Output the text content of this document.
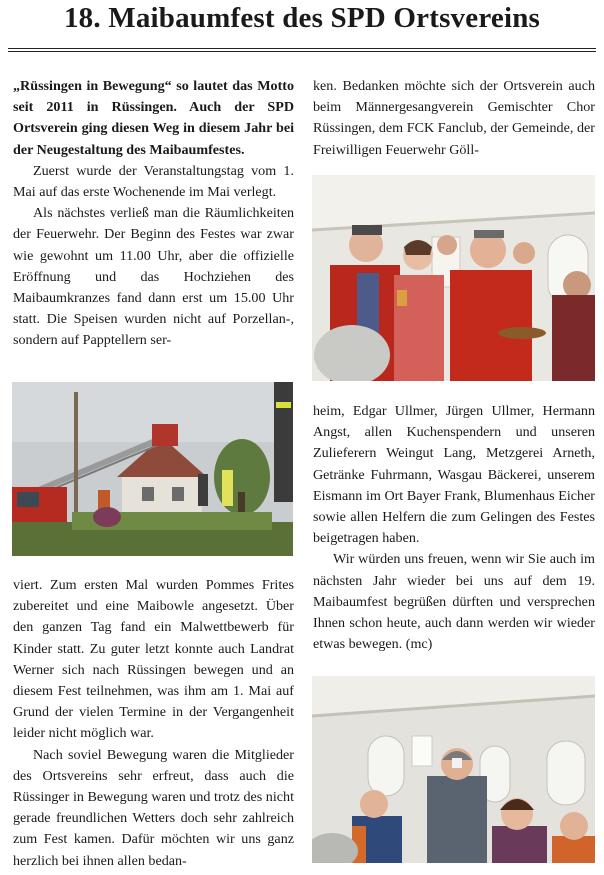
18. Maibaumfest des SPD Ortsvereins

„Rüssingen in Bewegung“ so lautet das Motto seit 2011 in Rüssingen. Auch der SPD Ortsverein ging diesen Weg in diesem Jahr bei der Neugestaltung des Maibaumfestes.

Zuerst wurde der Veranstaltungstag vom 1. Mai auf das erste Wochenende im Mai verlegt.

Als nächstes verließ man die Räumlichkeiten der Feuerwehr. Der Beginn des Festes war zwar wie gewohnt um 11.00 Uhr, aber die offizielle Eröffnung und das Hochziehen des Maibaumkranzes fand dann erst um 15.00 Uhr statt. Die Speisen wurden nicht auf Porzellan-, sondern auf Papptellern ser-

viert. Zum ersten Mal wurden Pommes Frites zubereitet und eine Maibowle angesetzt. Über den ganzen Tag fand ein Malwettbewerb für Kinder statt. Zu guter letzt konnte auch Landrat Werner sich nach Rüssingen bewegen und an diesem Fest teilnehmen, was ihm am 1. Mai auf Grund der vielen Termine in der Vergangenheit leider nicht möglich war.

Nach soviel Bewegung waren die Mitglieder des Ortsvereins sehr erfreut, dass auch die Rüssinger in Bewegung waren und trotz des nicht gerade freundlichen Wetters doch sehr zahlreich zum Fest kamen. Dafür möchten wir uns ganz herzlich bei ihnen allen bedan-

ken. Bedanken möchte sich der Ortsverein auch beim Männergesangverein Gemischter Chor Rüssingen, dem FCK Fanclub, der Gemeinde, der Freiwilligen Feuerwehr Göll-

heim, Edgar Ullmer, Jürgen Ullmer, Hermann Angst, allen Kuchenspendern und unseren Zulieferern Weingut Lang, Metzgerei Arneth, Getränke Fuhrmann, Wasgau Bäckerei, unserem Eismann im Ort Bayer Frank, Blumenhaus Eicher sowie allen Helfern die zum Gelingen des Festes beigetragen haben.

Wir würden uns freuen, wenn wir Sie auch im nächsten Jahr wieder bei uns auf dem 19. Maibaumfest begrüßen dürften und versprechen Ihnen schon heute, auch dann werden wir wieder etwas bewegen. (mc)
